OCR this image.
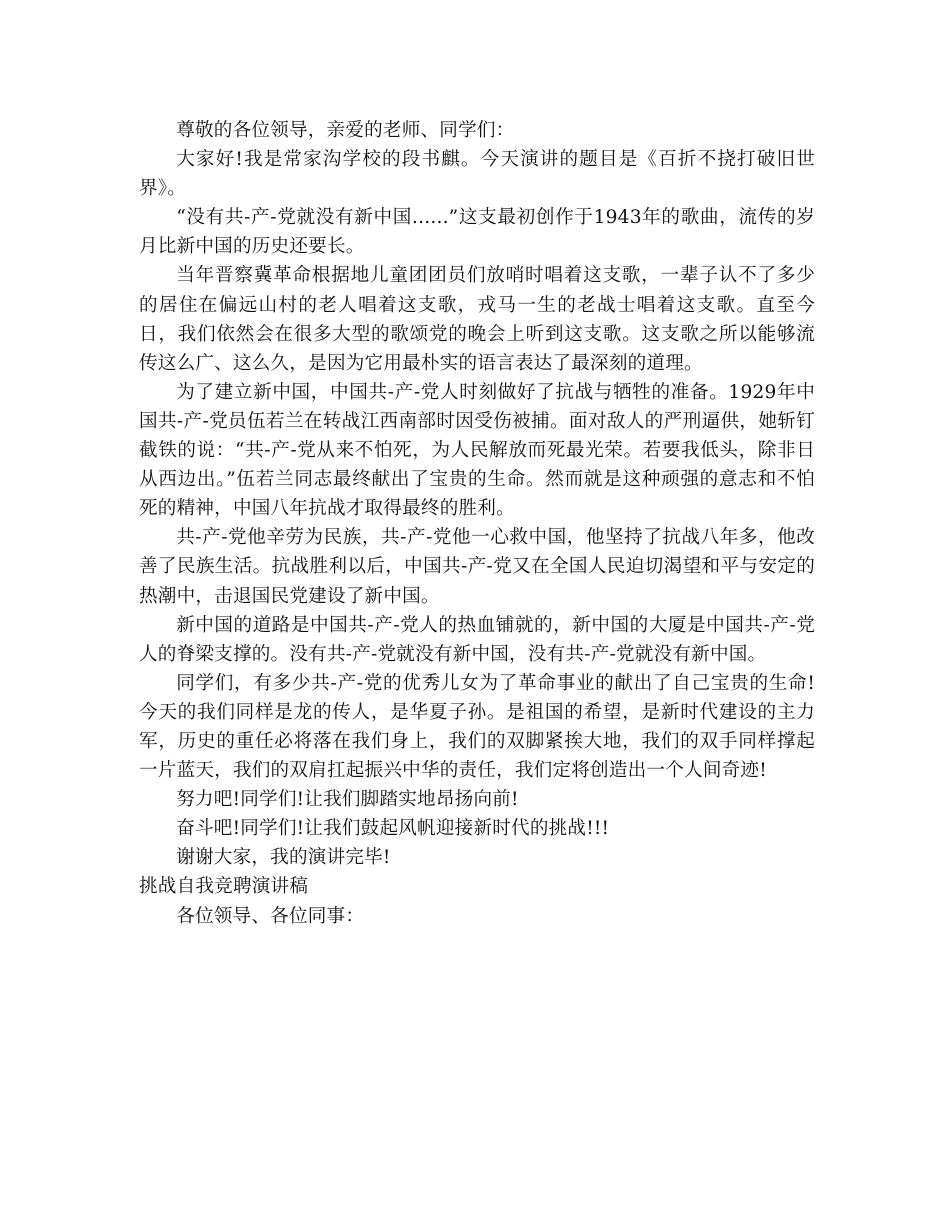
尊敬的各位领导，亲爱的老师、同学们：

大家好!我是常家沟学校的段书麒。今天演讲的题目是《百折不挠打破旧世界》。

“没有共-产-党就没有新中国......”这支最初创作于1943年的歌曲，流传的岁月比新中国的历史还要长。

当年晋察冀革命根据地儿童团团员们放哨时唱着这支歌，一辈子认不了多少的居住在偏远山村的老人唱着这支歌，戎马一生的老战士唱着这支歌。直至今日，我们依然会在很多大型的歌颂党的晚会上听到这支歌。这支歌之所以能够流传这么广、这么久，是因为它用最朴实的语言表达了最深刻的道理。

为了建立新中国，中国共-产-党人时刻做好了抗战与牺牲的准备。1929年中国共-产-党员伍若兰在转战江西南部时因受伤被捕。面对敌人的严刑逼供，她斩钉截铁的说：“共-产-党从来不怕死，为人民解放而死最光荣。若要我低头，除非日从西边出。”伍若兰同志最终献出了宝贵的生命。然而就是这种顽强的意志和不怕死的精神，中国八年抗战才取得最终的胜利。

共-产-党他辛劳为民族，共-产-党他一心救中国，他坚持了抗战八年多，他改善了民族生活。抗战胜利以后，中国共-产-党又在全国人民迫切渴望和平与安定的热潮中，击退国民党建设了新中国。

新中国的道路是中国共-产-党人的热血铺就的，新中国的大厦是中国共-产-党人的脊梁支撑的。没有共-产-党就没有新中国，没有共-产-党就没有新中国。

同学们，有多少共-产-党的优秀儿女为了革命事业的献出了自己宝贵的生命!今天的我们同样是龙的传人，是华夏子孙。是祖国的希望，是新时代建设的主力军，历史的重任必将落在我们身上，我们的双脚紧挨大地，我们的双手同样撑起一片蓝天，我们的双肩扛起振兴中华的责任，我们定将创造出一个人间奇迹!

努力吧!同学们!让我们脚踏实地昂扬向前!

奋斗吧!同学们!让我们鼓起风帆迎接新时代的挑战!!!

谢谢大家，我的演讲完毕!

挑战自我竞聘演讲稿

各位领导、各位同事：
